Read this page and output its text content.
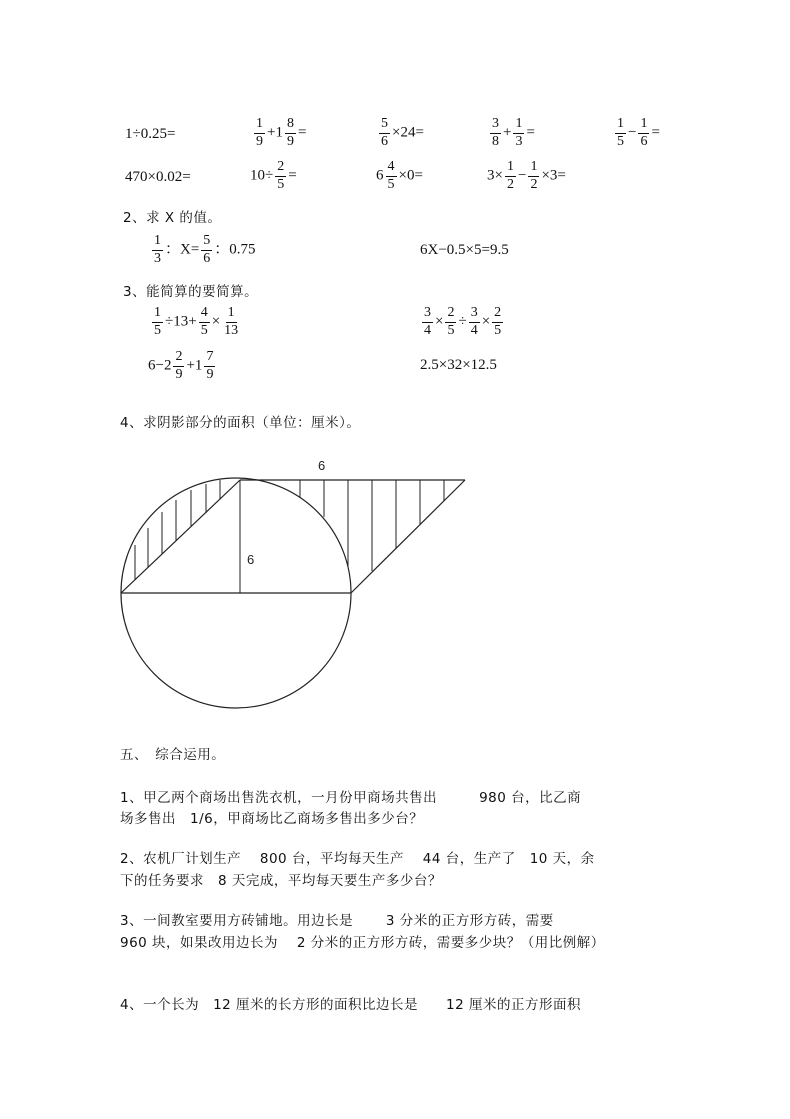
1÷0.25=	$\frac{1}{9} +1 \frac{8}{9}$ =	$\frac{5}{6} \times 24=$	$\frac{3}{8} + \frac{1}{3}$ =	$\frac{1}{5} - \frac{1}{6}$ =
470×0.02=	$10\div \frac{2}{5}$ =	$6 \frac{4}{5} \times 0=$	$3\times \frac{1}{2} - \frac{1}{2} \times 3=$
2、求 X 的值。
$\frac{1}{3}$ ：$X= \frac{5}{6}$ ：0.75	6X−0.5×5=9.5
3、能简算的要简算。
$\frac{1}{5} \div 13+ \frac{4}{5} \times \frac{1}{13}$	$\frac{3}{4} \times \frac{2}{5} \div \frac{3}{4} \times \frac{2}{5}$
$6-2 \frac{2}{9} +1 \frac{7}{9}$	2.5×32×12.5
4、求阴影部分的面积（单位：厘米）。
6
6
五、　综合运用。
1、甲乙两个商场出售洗衣机，一月份甲商场共售出　　　980 台，比乙商
场多售出　1/6，甲商场比乙商场多售出多少台？
2、农机厂计划生产　 800 台，平均每天生产　 44 台，生产了　10 天，余
下的任务要求　8 天完成，平均每天要生产多少台？
3、一间教室要用方砖铺地。用边长是　　 3 分米的正方形方砖，需要
960 块，如果改用边长为　 2 分米的正方形方砖，需要多少块？（用比例解）
4、一个长为　12 厘米的长方形的面积比边长是　　12 厘米的正方形面积
